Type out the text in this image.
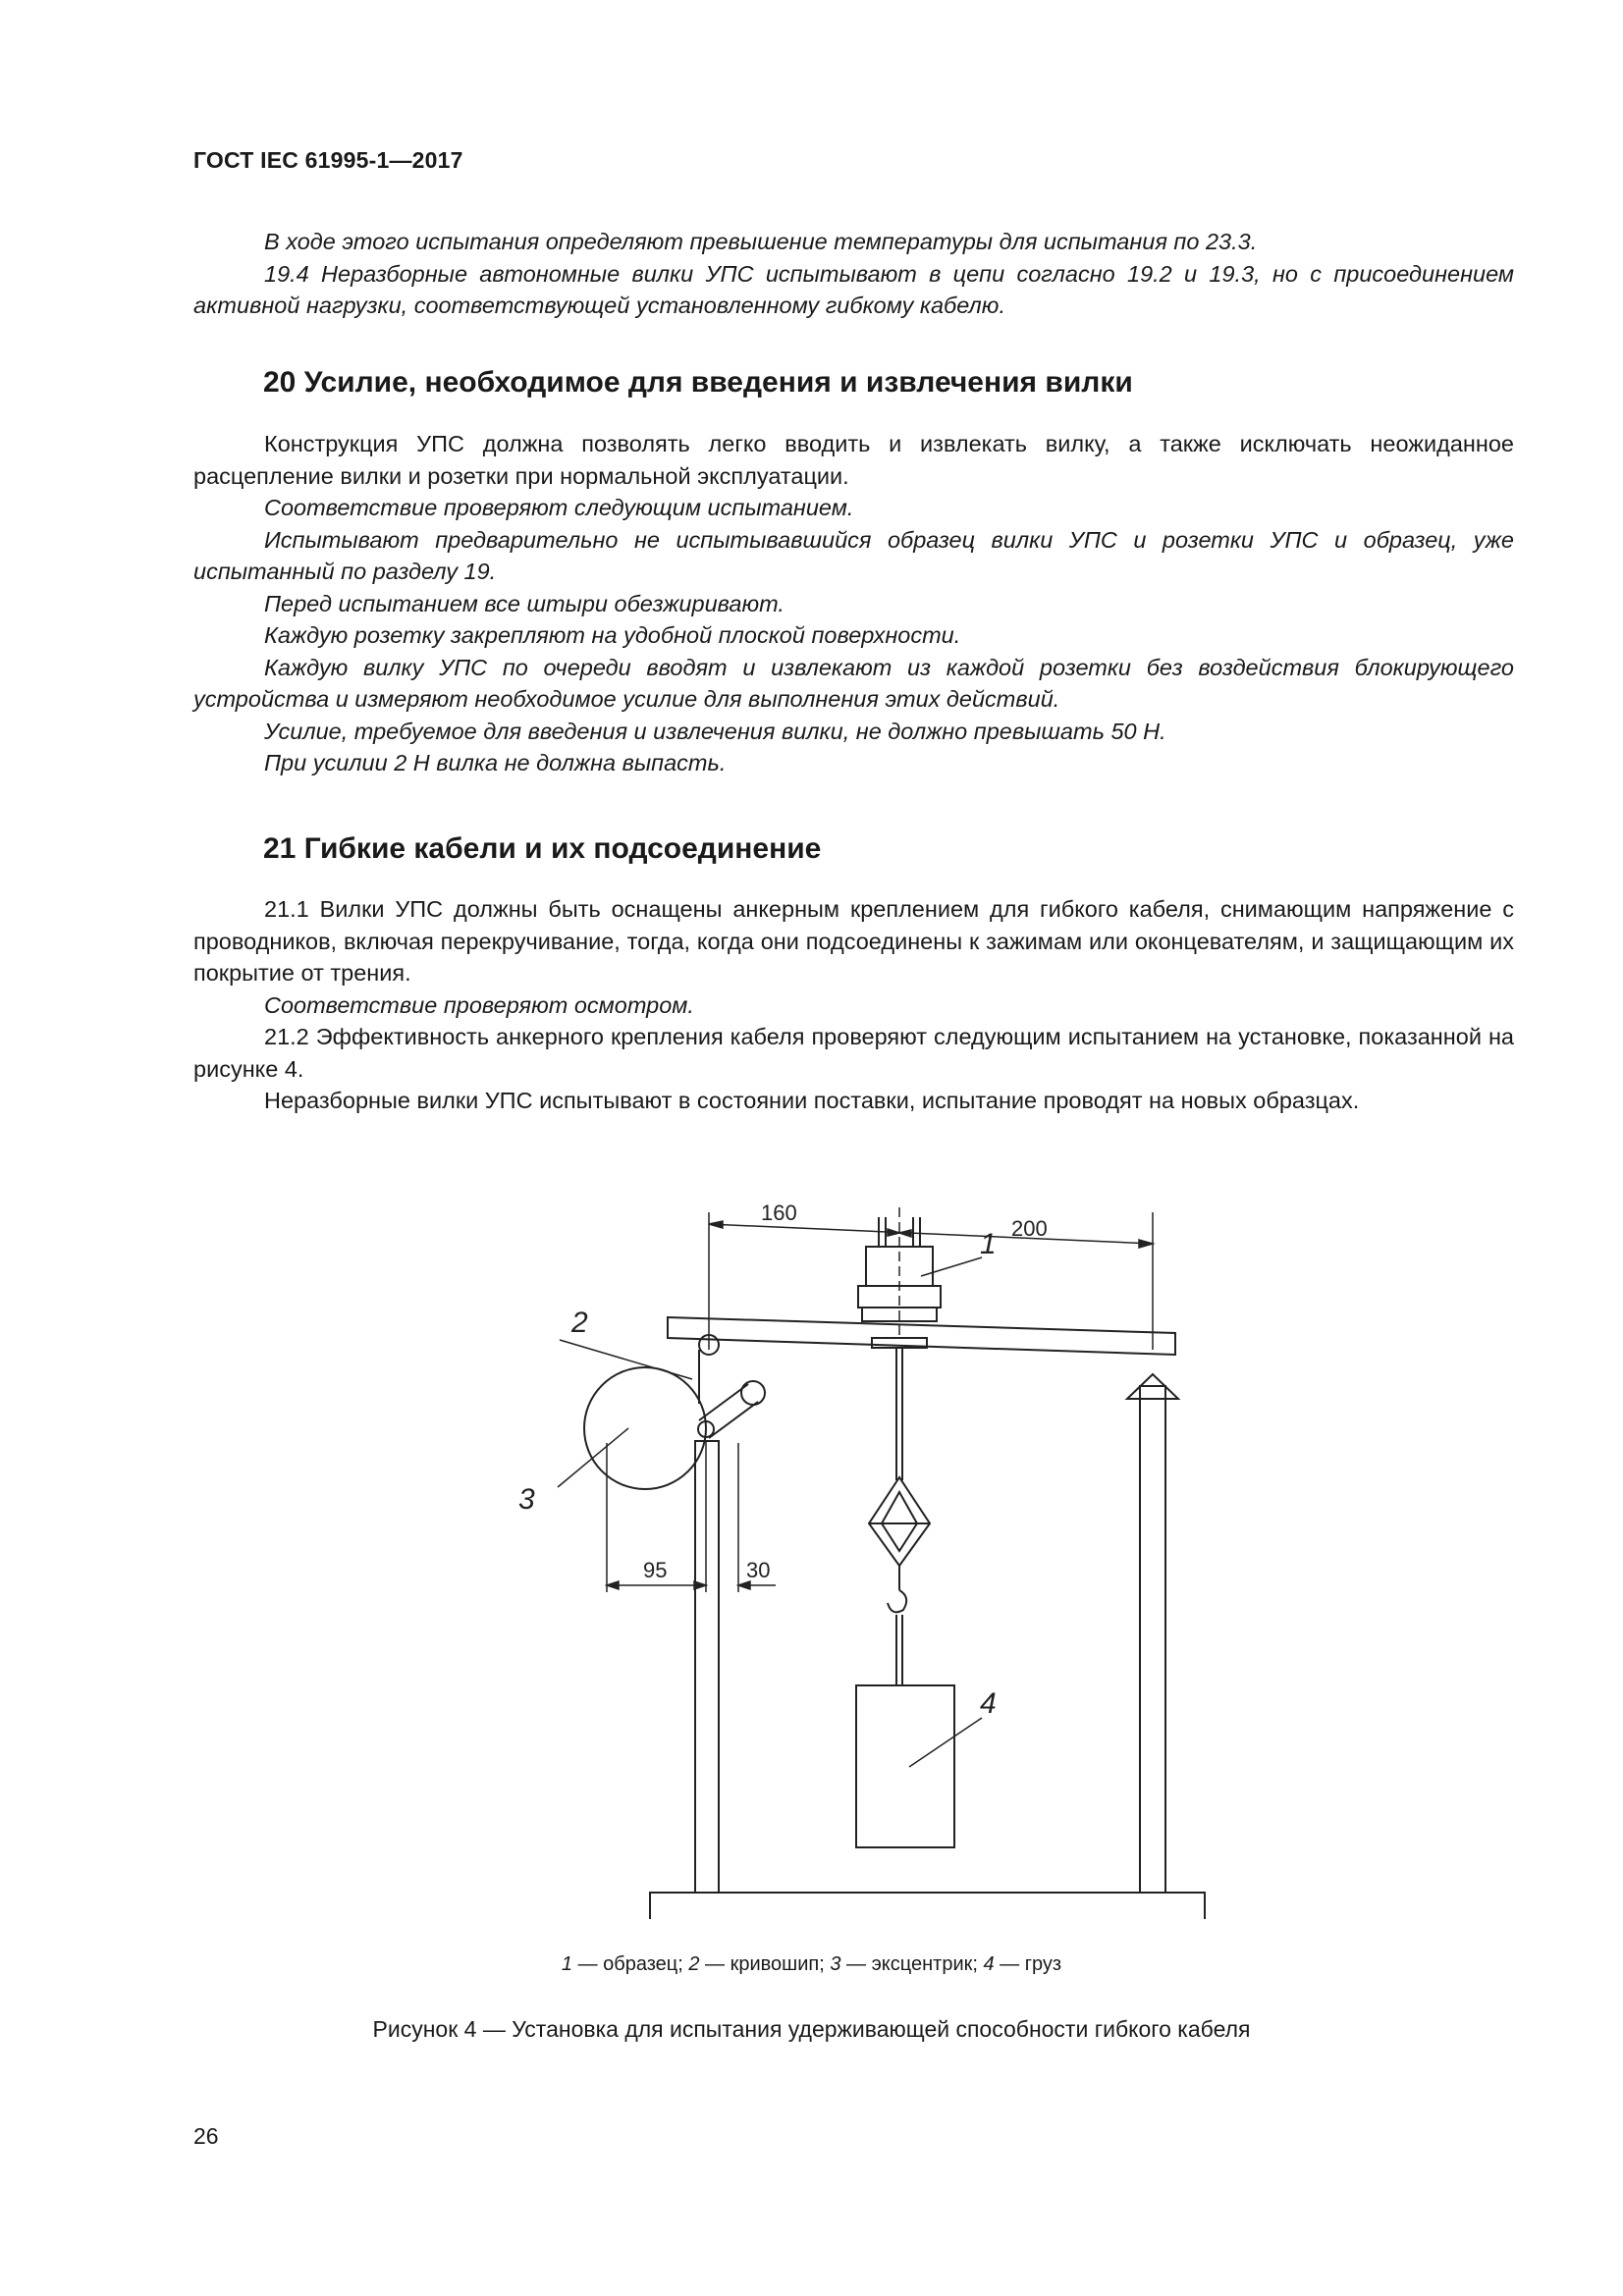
ГОСТ IEC 61995-1—2017

В ходе этого испытания определяют превышение температуры для испытания по 23.3.

19.4 Неразборные автономные вилки УПС испытывают в цепи согласно 19.2 и 19.3, но с присоединением активной нагрузки, соответствующей установленному гибкому кабелю.

20 Усилие, необходимое для введения и извлечения вилки

Конструкция УПС должна позволять легко вводить и извлекать вилку, а также исключать неожиданное расцепление вилки и розетки при нормальной эксплуатации.

Соответствие проверяют следующим испытанием.

Испытывают предварительно не испытывавшийся образец вилки УПС и розетки УПС и образец, уже испытанный по разделу 19.

Перед испытанием все штыри обезжиривают.

Каждую розетку закрепляют на удобной плоской поверхности.

Каждую вилку УПС по очереди вводят и извлекают из каждой розетки без воздействия блокирующего устройства и измеряют необходимое усилие для выполнения этих действий.

Усилие, требуемое для введения и извлечения вилки, не должно превышать 50 Н.

При усилии 2 Н вилка не должна выпасть.

21 Гибкие кабели и их подсоединение

21.1 Вилки УПС должны быть оснащены анкерным креплением для гибкого кабеля, снимающим напряжение с проводников, включая перекручивание, тогда, когда они подсоединены к зажимам или оконцевателям, и защищающим их покрытие от трения.

Соответствие проверяют осмотром.

21.2 Эффективность анкерного крепления кабеля проверяют следующим испытанием на установке, показанной на рисунке 4.

Неразборные вилки УПС испытывают в состоянии поставки, испытание проводят на новых образцах.

160
200
95	30
1
2
3
4
1 — образец; 2 — кривошип; 3 — эксцентрик; 4 — груз
Рисунок 4 — Установка для испытания удерживающей способности гибкого кабеля
26
